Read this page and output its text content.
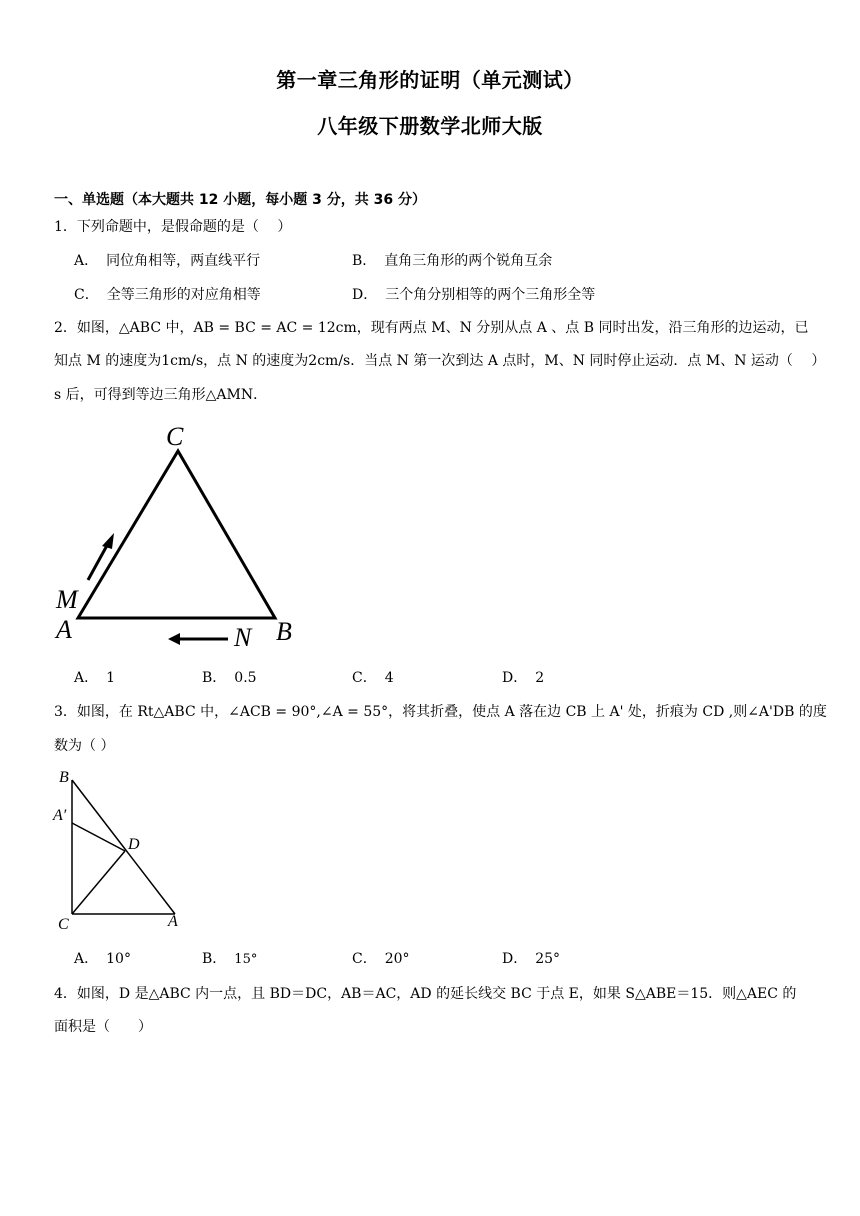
第一章三角形的证明（单元测试）
八年级下册数学北师大版
一、单选题（本大题共 12 小题，每小题 3 分，共 36 分）
1．下列命题中，是假命题的是（　 ）
A． 同位角相等，两直线平行	B． 直角三角形的两个锐角互余
C． 全等三角形的对应角相等	D． 三个角分别相等的两个三角形全等
2．如图，△ABC 中，AB = BC = AC = 12cm，现有两点 M、N 分别从点 A 、点 B 同时出发，沿三角形的边运动，已
知点 M 的速度为1cm/s，点 N 的速度为2cm/s．当点 N 第一次到达 A 点时，M、N 同时停止运动．点 M、N 运动（　 ）
s 后，可得到等边三角形△AMN．
C
M
A	N B
A． 1	B． 0.5	C． 4	D． 2
3．如图，在 Rt△ABC 中，∠ACB = 90°,∠A = 55°，将其折叠，使点 A 落在边 CB 上 A' 处，折痕为 CD ,则∠A'DB 的度
数为（ ）
B
A′
D
C	A
A． 10°	B． 15°	C． 20°	D． 25°
4．如图，D 是△ABC 内一点，且 BD＝DC，AB＝AC，AD 的延长线交 BC 于点 E，如果 S△ABE＝15．则△AEC 的
面积是（　　）
